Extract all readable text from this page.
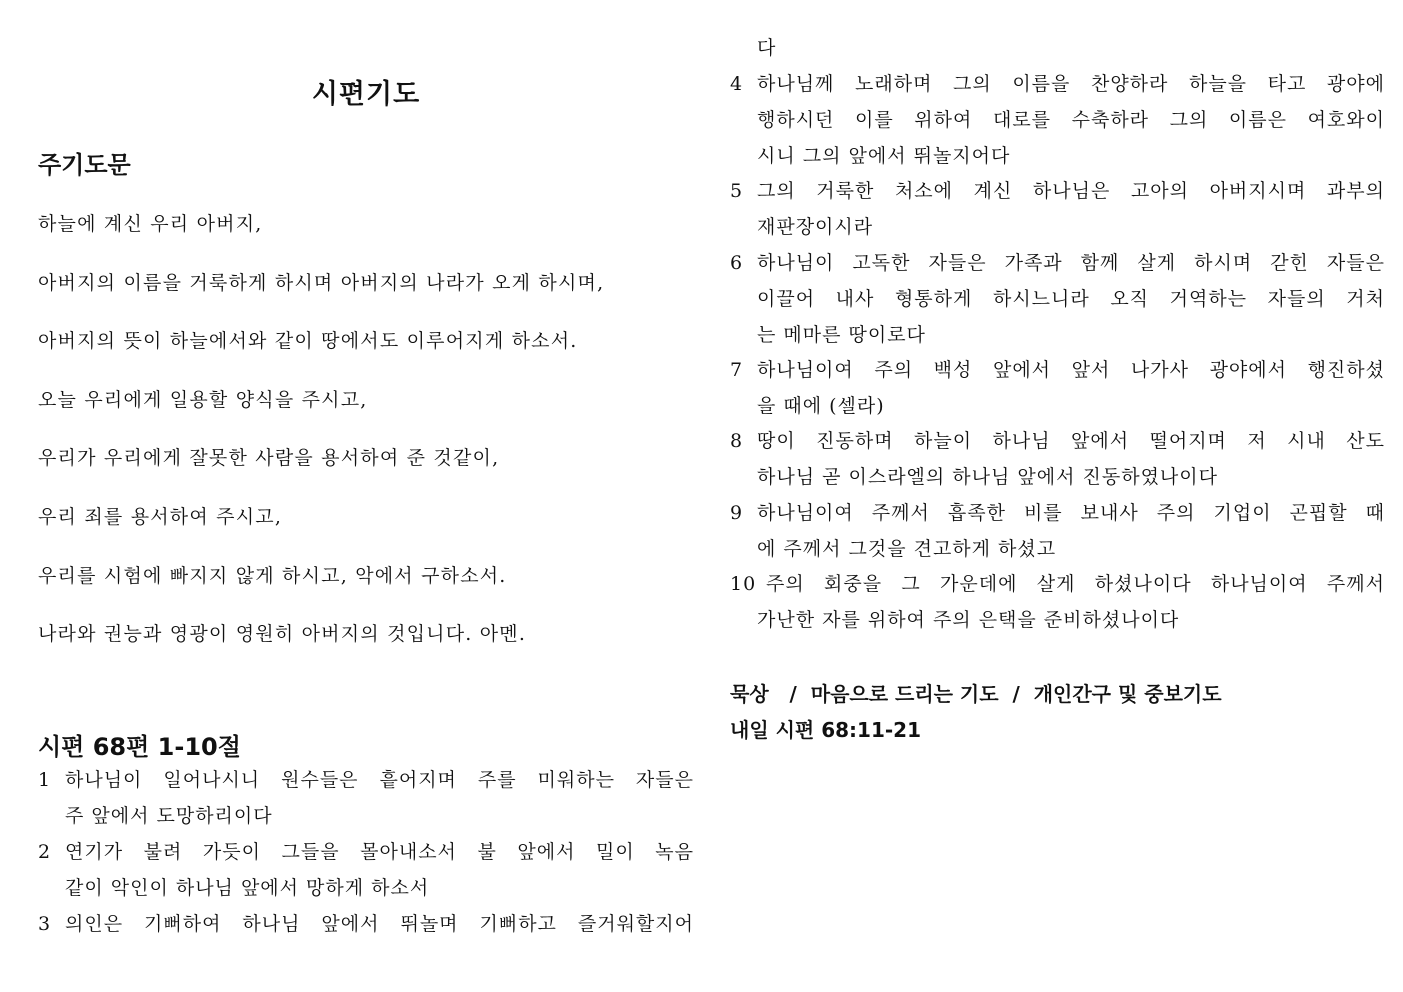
시편기도
주기도문
하늘에 계신 우리 아버지,
아버지의 이름을 거룩하게 하시며 아버지의 나라가 오게 하시며,
아버지의 뜻이 하늘에서와 같이 땅에서도 이루어지게 하소서.
오늘 우리에게 일용할 양식을 주시고,
우리가 우리에게 잘못한 사람을 용서하여 준 것같이,
우리 죄를 용서하여 주시고,
우리를 시험에 빠지지 않게 하시고, 악에서 구하소서.
나라와 권능과 영광이 영원히 아버지의 것입니다. 아멘.
시편 68편 1-10절
1 하나님이 일어나시니 원수들은 흩어지며 주를 미워하는 자들은
주 앞에서 도망하리이다
2 연기가 불려 가듯이 그들을 몰아내소서 불 앞에서 밀이 녹음
같이 악인이 하나님 앞에서 망하게 하소서
3 의인은 기뻐하여 하나님 앞에서 뛰놀며 기뻐하고 즐거워할지어
다
4 하나님께 노래하며 그의 이름을 찬양하라 하늘을 타고 광야에
행하시던 이를 위하여 대로를 수축하라 그의 이름은 여호와이
시니 그의 앞에서 뛰놀지어다
5 그의 거룩한 처소에 계신 하나님은 고아의 아버지시며 과부의
재판장이시라
6 하나님이 고독한 자들은 가족과 함께 살게 하시며 갇힌 자들은
이끌어 내사 형통하게 하시느니라 오직 거역하는 자들의 거처
는 메마른 땅이로다
7 하나님이여 주의 백성 앞에서 앞서 나가사 광야에서 행진하셨
을 때에 (셀라)
8 땅이 진동하며 하늘이 하나님 앞에서 떨어지며 저 시내 산도
하나님 곧 이스라엘의 하나님 앞에서 진동하였나이다
9 하나님이여 주께서 흡족한 비를 보내사 주의 기업이 곤핍할 때
에 주께서 그것을 견고하게 하셨고
10 주의 회중을 그 가운데에 살게 하셨나이다 하나님이여 주께서
가난한 자를 위하여 주의 은택을 준비하셨나이다
묵상   /  마음으로 드리는 기도  /  개인간구 및 중보기도
내일 시편 68:11-21
